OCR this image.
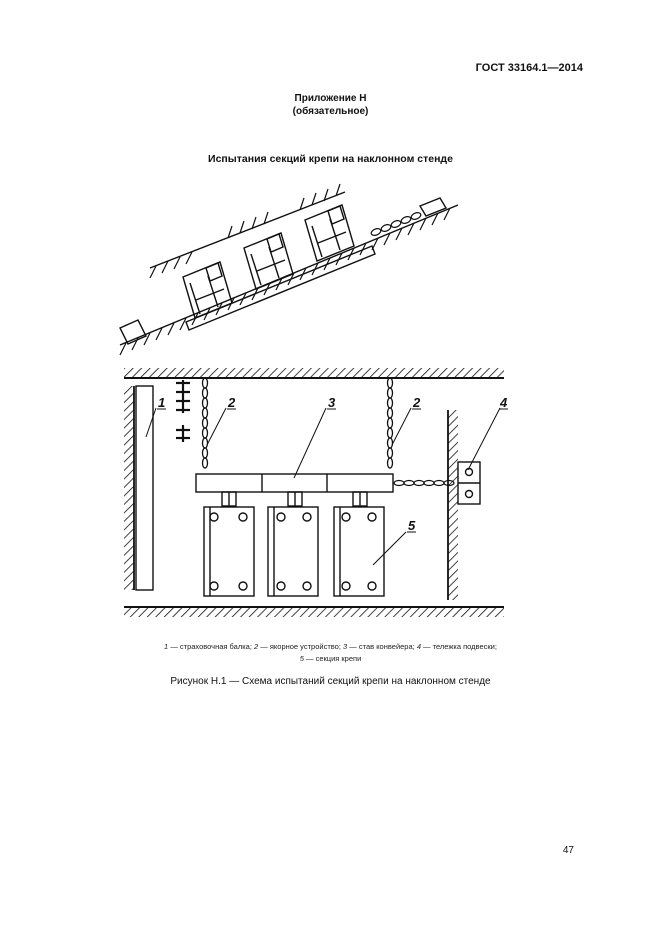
ГОСТ 33164.1—2014
Приложение Н
(обязательное)
Испытания секций крепи на наклонном стенде
1	2	3	2	4
5
1 — страховочная балка; 2 — якорное устройство; 3 — став конвейера; 4 — тележка подвески;
5 — секция крепи
Рисунок Н.1 — Схема испытаний секций крепи на наклонном стенде
47
